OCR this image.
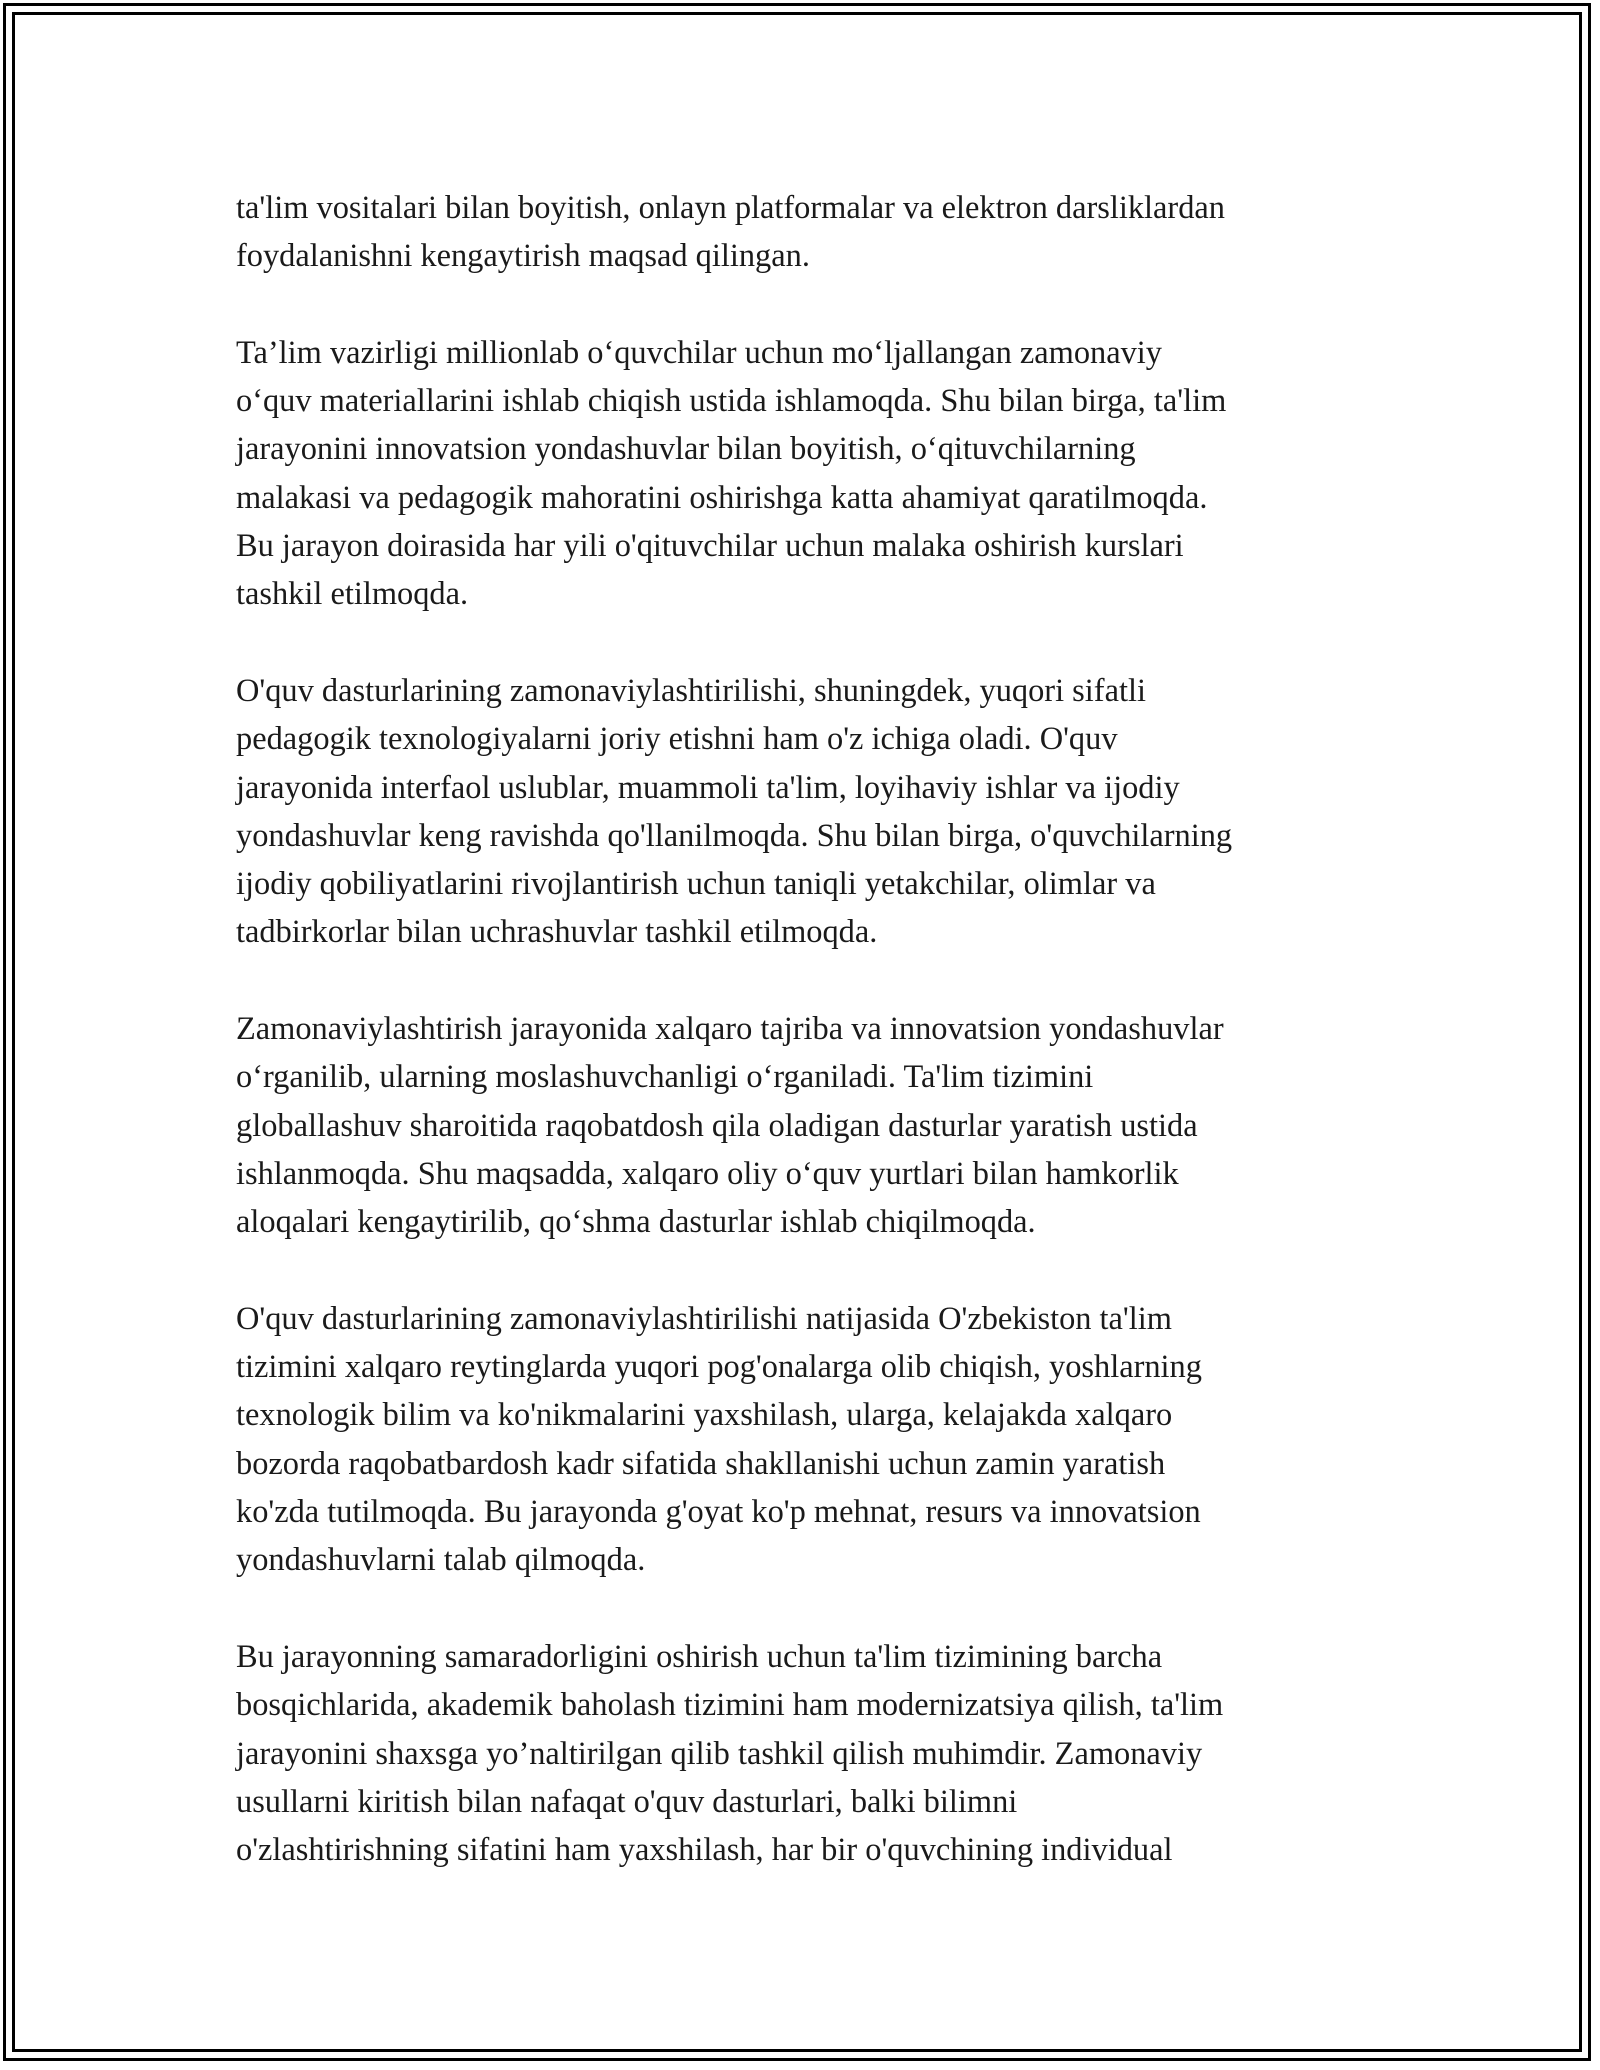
ta'lim vositalari bilan boyitish, onlayn platformalar va elektron darsliklardan
foydalanishni kengaytirish maqsad qilingan.
Ta’lim vazirligi millionlab o‘quvchilar uchun mo‘ljallangan zamonaviy
o‘quv materiallarini ishlab chiqish ustida ishlamoqda. Shu bilan birga, ta'lim
jarayonini innovatsion yondashuvlar bilan boyitish, o‘qituvchilarning
malakasi va pedagogik mahoratini oshirishga katta ahamiyat qaratilmoqda.
Bu jarayon doirasida har yili o'qituvchilar uchun malaka oshirish kurslari
tashkil etilmoqda.
O'quv dasturlarining zamonaviylashtirilishi, shuningdek, yuqori sifatli
pedagogik texnologiyalarni joriy etishni ham o'z ichiga oladi. O'quv
jarayonida interfaol uslublar, muammoli ta'lim, loyihaviy ishlar va ijodiy
yondashuvlar keng ravishda qo'llanilmoqda. Shu bilan birga, o'quvchilarning
ijodiy qobiliyatlarini rivojlantirish uchun taniqli yetakchilar, olimlar va
tadbirkorlar bilan uchrashuvlar tashkil etilmoqda.
Zamonaviylashtirish jarayonida xalqaro tajriba va innovatsion yondashuvlar
o‘rganilib, ularning moslashuvchanligi o‘rganiladi. Ta'lim tizimini
globallashuv sharoitida raqobatdosh qila oladigan dasturlar yaratish ustida
ishlanmoqda. Shu maqsadda, xalqaro oliy o‘quv yurtlari bilan hamkorlik
aloqalari kengaytirilib, qo‘shma dasturlar ishlab chiqilmoqda.
O'quv dasturlarining zamonaviylashtirilishi natijasida O'zbekiston ta'lim
tizimini xalqaro reytinglarda yuqori pog'onalarga olib chiqish, yoshlarning
texnologik bilim va ko'nikmalarini yaxshilash, ularga, kelajakda xalqaro
bozorda raqobatbardosh kadr sifatida shakllanishi uchun zamin yaratish
ko'zda tutilmoqda. Bu jarayonda g'oyat ko'p mehnat, resurs va innovatsion
yondashuvlarni talab qilmoqda.
Bu jarayonning samaradorligini oshirish uchun ta'lim tizimining barcha
bosqichlarida, akademik baholash tizimini ham modernizatsiya qilish, ta'lim
jarayonini shaxsga yo’naltirilgan qilib tashkil qilish muhimdir. Zamonaviy
usullarni kiritish bilan nafaqat o'quv dasturlari, balki bilimni
o'zlashtirishning sifatini ham yaxshilash, har bir o'quvchining individual
